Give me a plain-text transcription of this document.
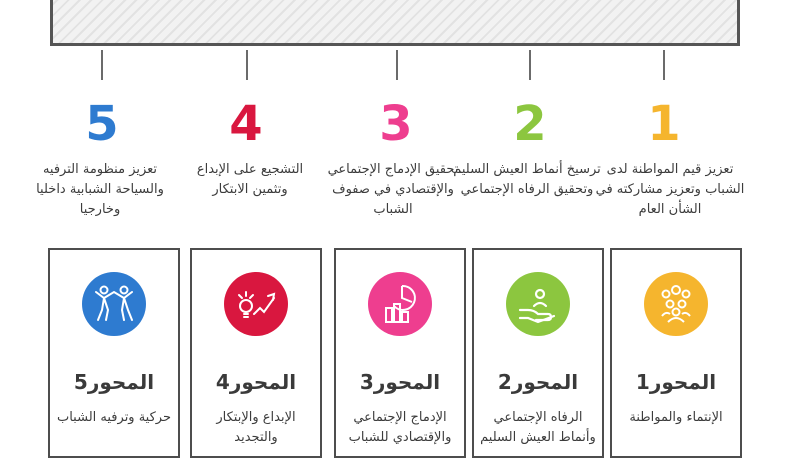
1
2
3
4
5
تعزيز قيم المواطنة لدى الشباب وتعزيز مشاركته في الشأن العام
ترسيخ أنماط العيش السليم وتحقيق الرفاه الإجتماعي
تحقيق الإدماج الإجتماعي والإقتصادي في صفوف الشباب
التشجيع على الإبداع وتثمين الابتكار
تعزيز منظومة الترفيه والسياحة الشبابية داخليا وخارجيا
المحور1
الإنتماء والمواطنة
المحور2
الرفاه الإجتماعي وأنماط العيش السليم
المحور3
الإدماج الإجتماعي والإقتصادي للشباب
المحور4
الإبداع والإبتكار والتجديد
المحور5
حركية وترفيه الشباب
